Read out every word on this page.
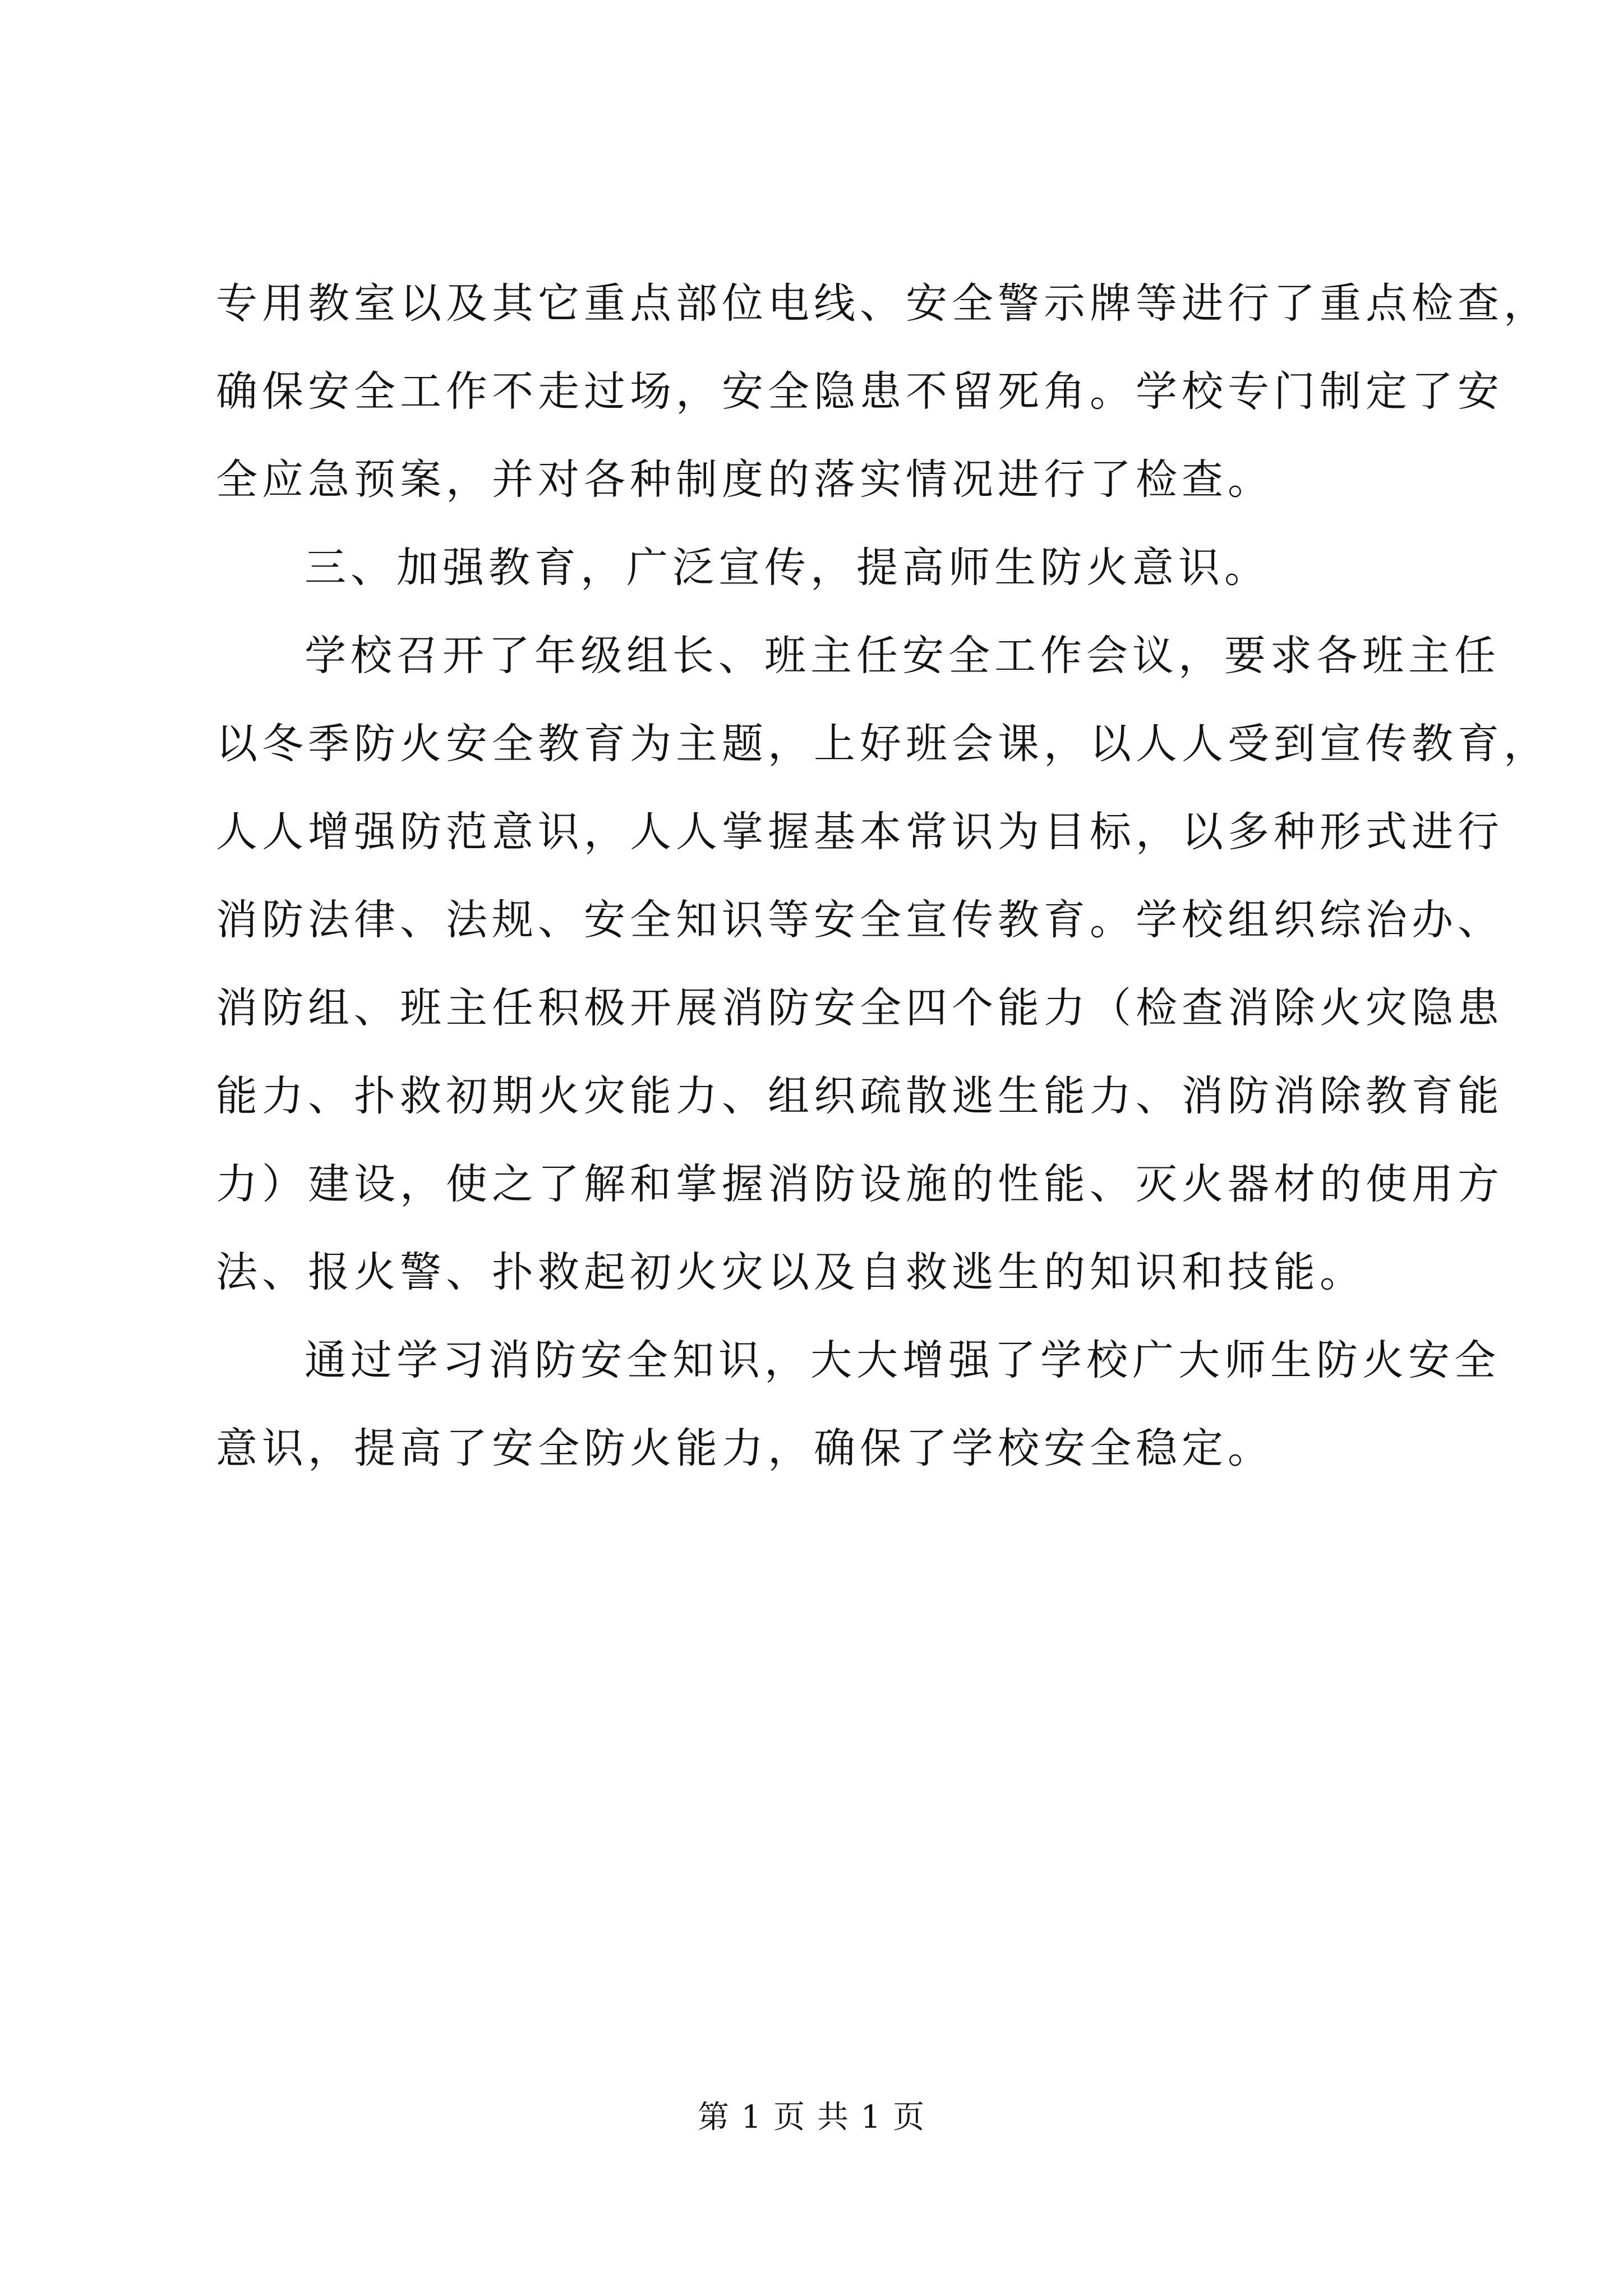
专用教室以及其它重点部位电线、安全警示牌等进行了重点检查，
确保安全工作不走过场，安全隐患不留死角。学校专门制定了安
全应急预案，并对各种制度的落实情况进行了检查。
三、加强教育，广泛宣传，提高师生防火意识。
学校召开了年级组长、班主任安全工作会议，要求各班主任
以冬季防火安全教育为主题，上好班会课，以人人受到宣传教育，
人人增强防范意识，人人掌握基本常识为目标，以多种形式进行
消防法律、法规、安全知识等安全宣传教育。学校组织综治办、
消防组、班主任积极开展消防安全四个能力（检查消除火灾隐患
能力、扑救初期火灾能力、组织疏散逃生能力、消防消除教育能
力）建设，使之了解和掌握消防设施的性能、灭火器材的使用方
法、报火警、扑救起初火灾以及自救逃生的知识和技能。
通过学习消防安全知识，大大增强了学校广大师生防火安全
意识，提高了安全防火能力，确保了学校安全稳定。
第 1 页 共 1 页
